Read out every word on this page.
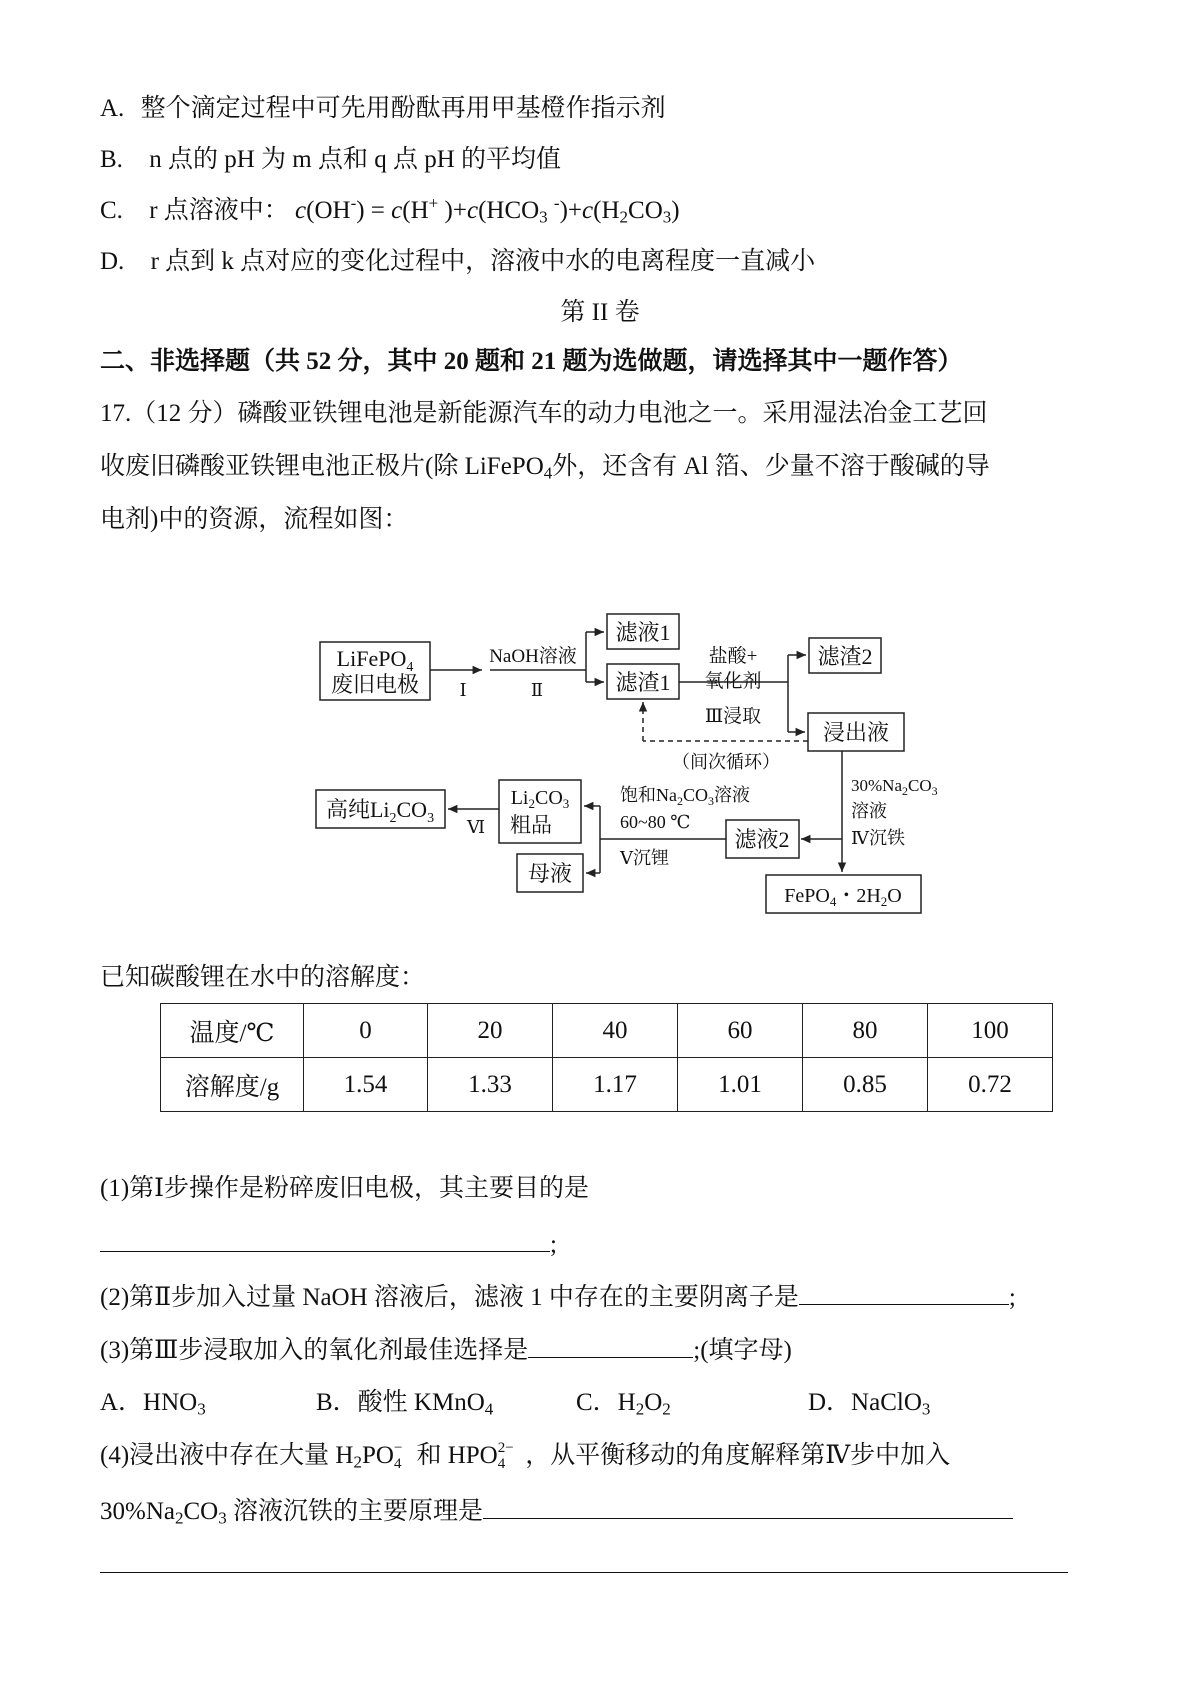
A. 整个滴定过程中可先用酚酞再用甲基橙作指示剂
B. n 点的 pH 为 m 点和 q 点 pH 的平均值
C. r 点溶液中： c(OH-) = c(H+ )$+c(HCO_3$ $^-)+c(H_2CO_3)$
D. r 点到 k 点对应的变化过程中，溶液中水的电离程度一直减小
第 II 卷
二、非选择题（共 52 分，其中 20 题和 21 题为选做题，请选择其中一题作答）
17.（12 分）磷酸亚铁锂电池是新能源汽车的动力电池之一。采用湿法冶金工艺回
收废旧磷酸亚铁锂电池正极片(除 LiFePO$_4$外，还含有 Al 箔、少量不溶于酸碱的导
电剂)中的资源，流程如图：
LiFePO$_4$
废旧电极 Ⅰ
NaOH溶液
Ⅱ
滤液1
滤渣1
盐酸+
氧化剂
Ⅲ浸取
滤渣2
浸出液
（间次循环）
$30\%Na_2CO_3$
溶液
Ⅳ沉铁
FePO$_4$・$2H_2O$
滤液2
饱和$Na_2CO_3$溶液
60~80 ℃
Ⅴ沉锂
$Li_2CO_3$
粗品
母液
Ⅵ
高纯$Li_2CO_3$
已知碳酸锂在水中的溶解度：
温度/℃	0	20	40	60	80	100
溶解度/g	1.54	1.33	1.17	1.01	0.85	0.72
(1)第Ⅰ步操作是粉碎废旧电极，其主要目的是
;
(2)第Ⅱ步加入过量 NaOH 溶液后，滤液 1 中存在的主要阴离子是	;
(3)第Ⅲ步浸取加入的氧化剂最佳选择是	;(填字母)
A．$HNO_3$	B．酸性 KMnO$_4$	C．$H_2O_2$	D．NaClO$_3$
(4)浸出液中存在大量 $H_2PO$ −
4 和 HPO 2−
4 ，从平衡移动的角度解释第Ⅳ步中加入
$30\%Na_2CO_3$ 溶液沉铁的主要原理是
